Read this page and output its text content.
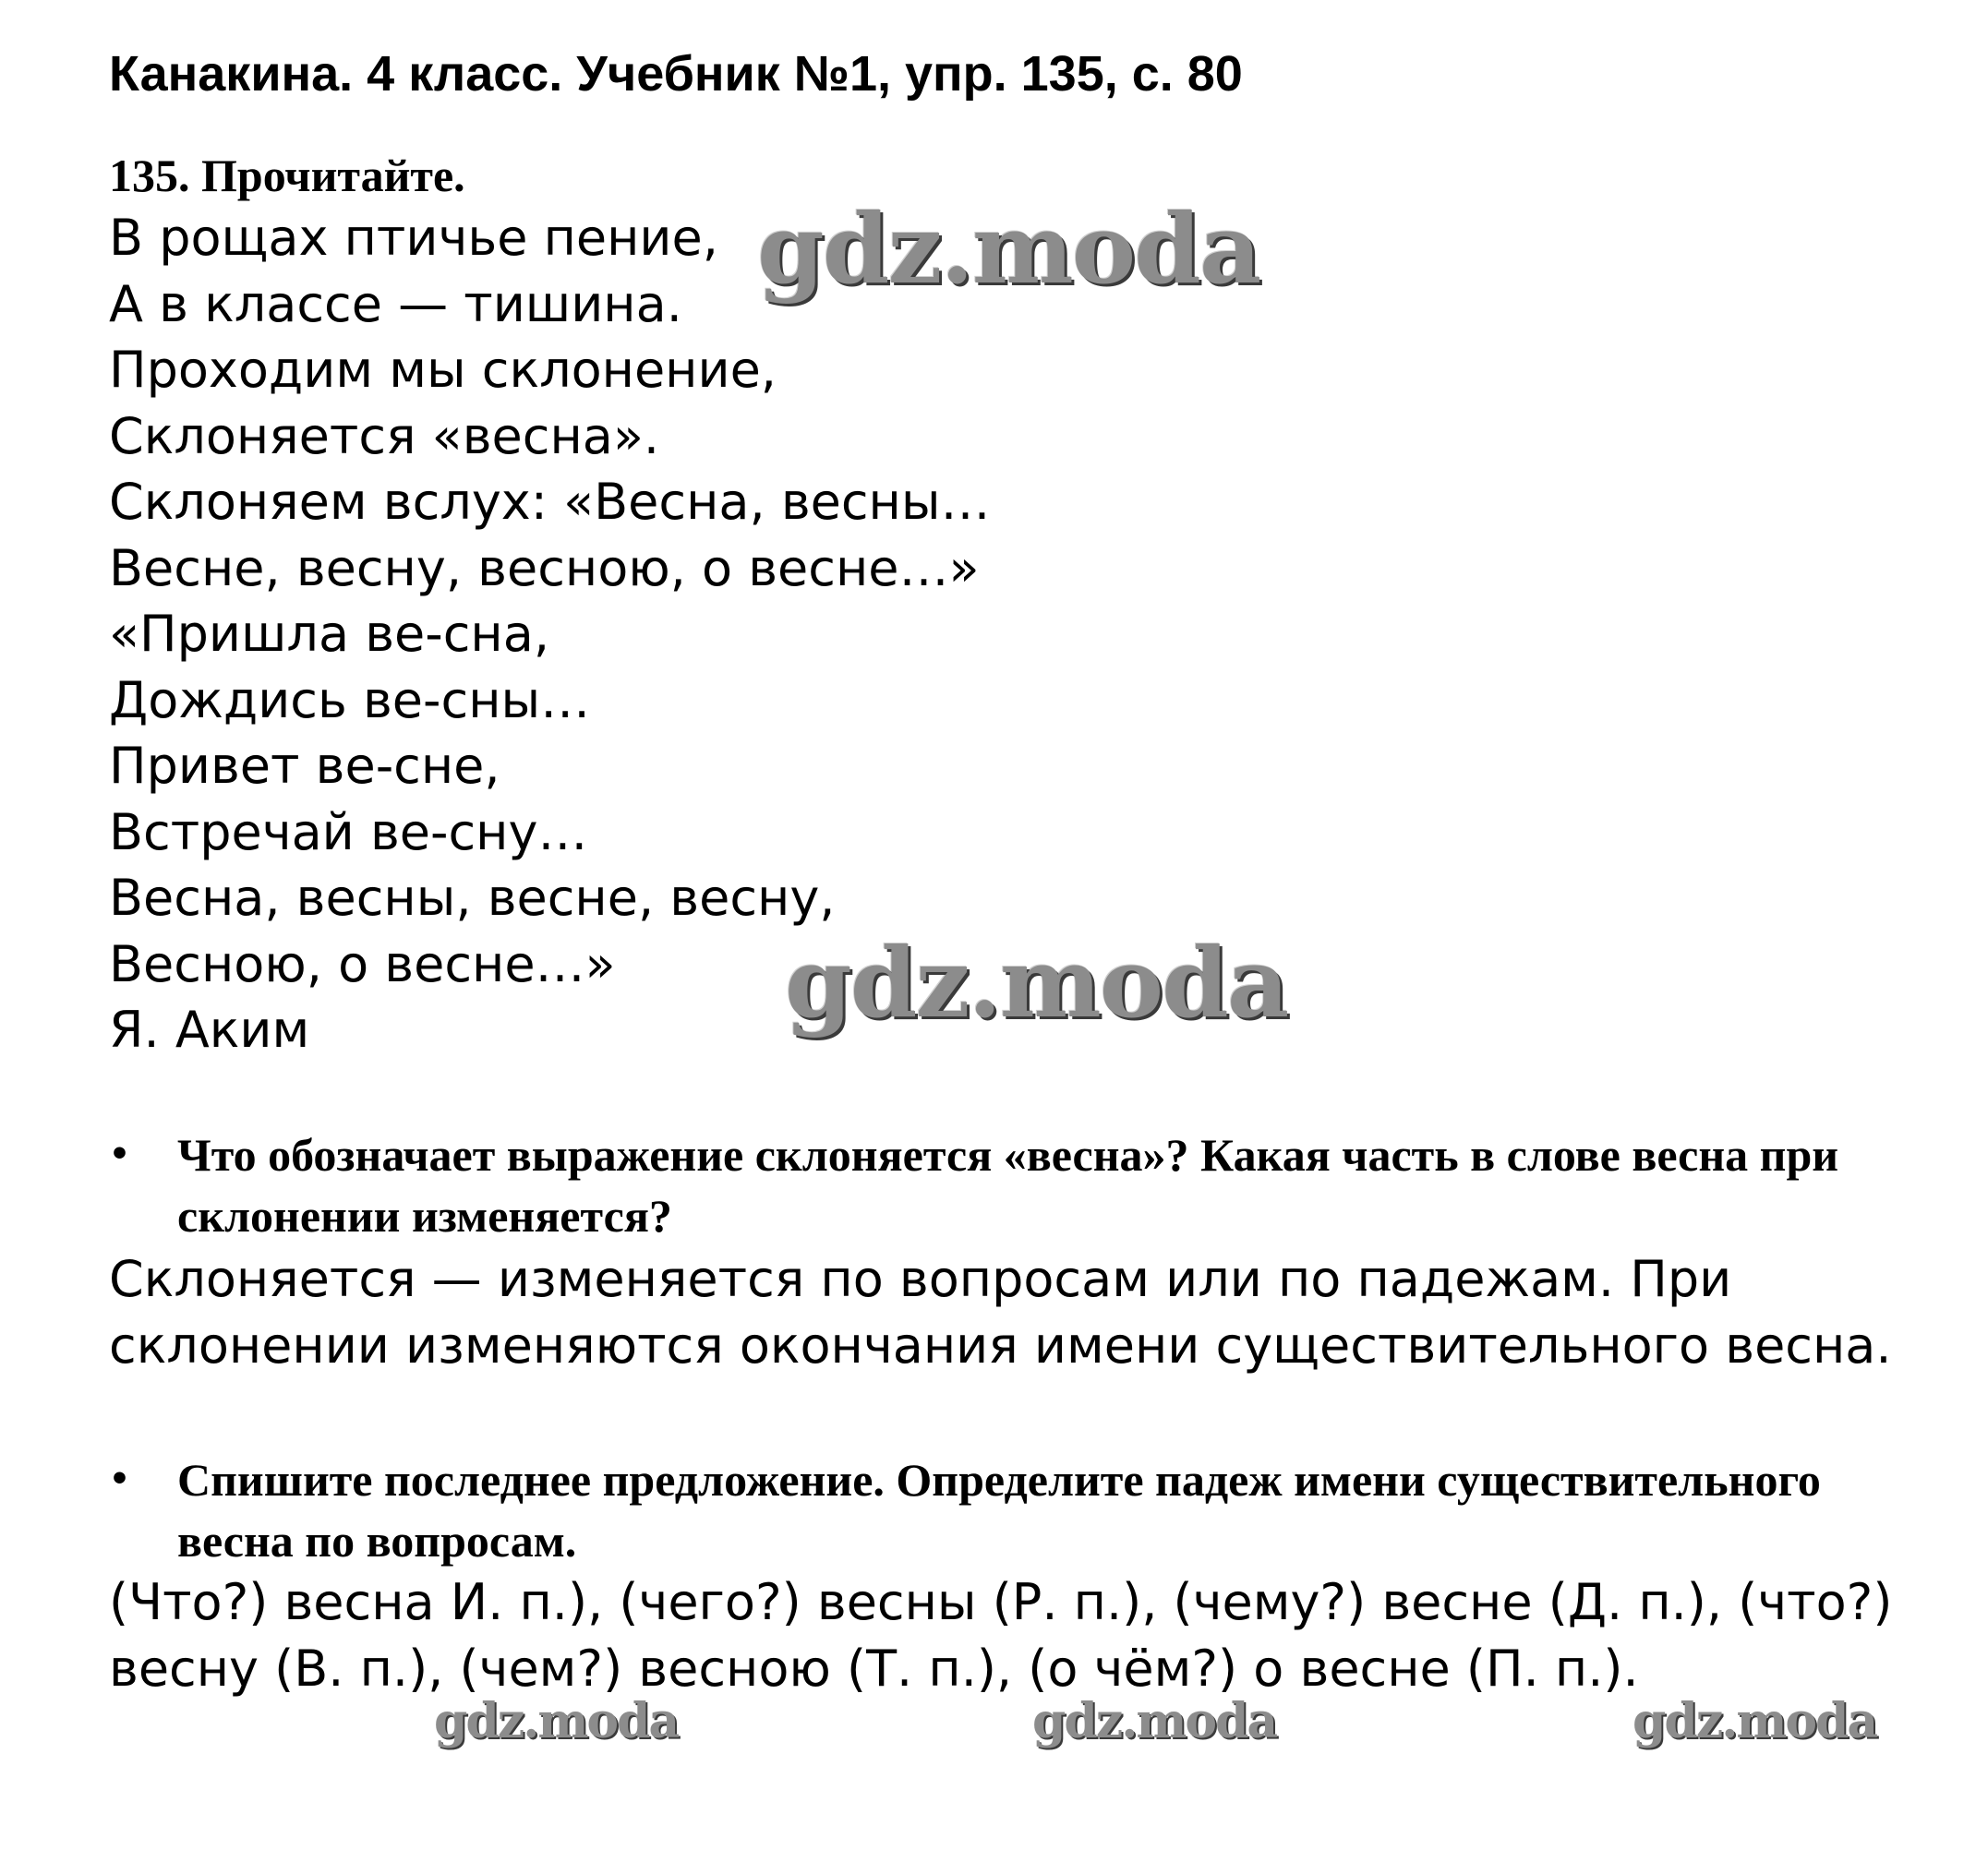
Канакина. 4 класс. Учебник №1, упр. 135, с. 80
135. Прочитайте.
В рощах птичье пение,
А в классе — тишина.
Проходим мы склонение,
Склоняется «весна».
Склоняем вслух: «Весна, весны…
Весне, весну, весною, о весне…»
«Пришла ве-сна,
Дождись ве-сны…
Привет ве-сне,
Встречай ве-сну…
Весна, весны, весне, весну,
Весною, о весне…»
Я. Аким
•	Что обозначает выражение склоняется «весна»? Какая часть в слове весна при склонении изменяется?
Склоняется — изменяется по вопросам или по падежам. При склонении изменяются окончания имени существительного весна.
•	Спишите последнее предложение. Определите падеж имени существительного весна по вопросам.
(Что?) весна И. п.), (чего?) весны (Р. п.), (чему?) весне (Д. п.), (что?) весну (В. п.), (чем?) весною (Т. п.), (о чём?) о весне (П. п.).
gdz.moda
gdz.moda
gdz.moda	gdz.moda	gdz.moda
